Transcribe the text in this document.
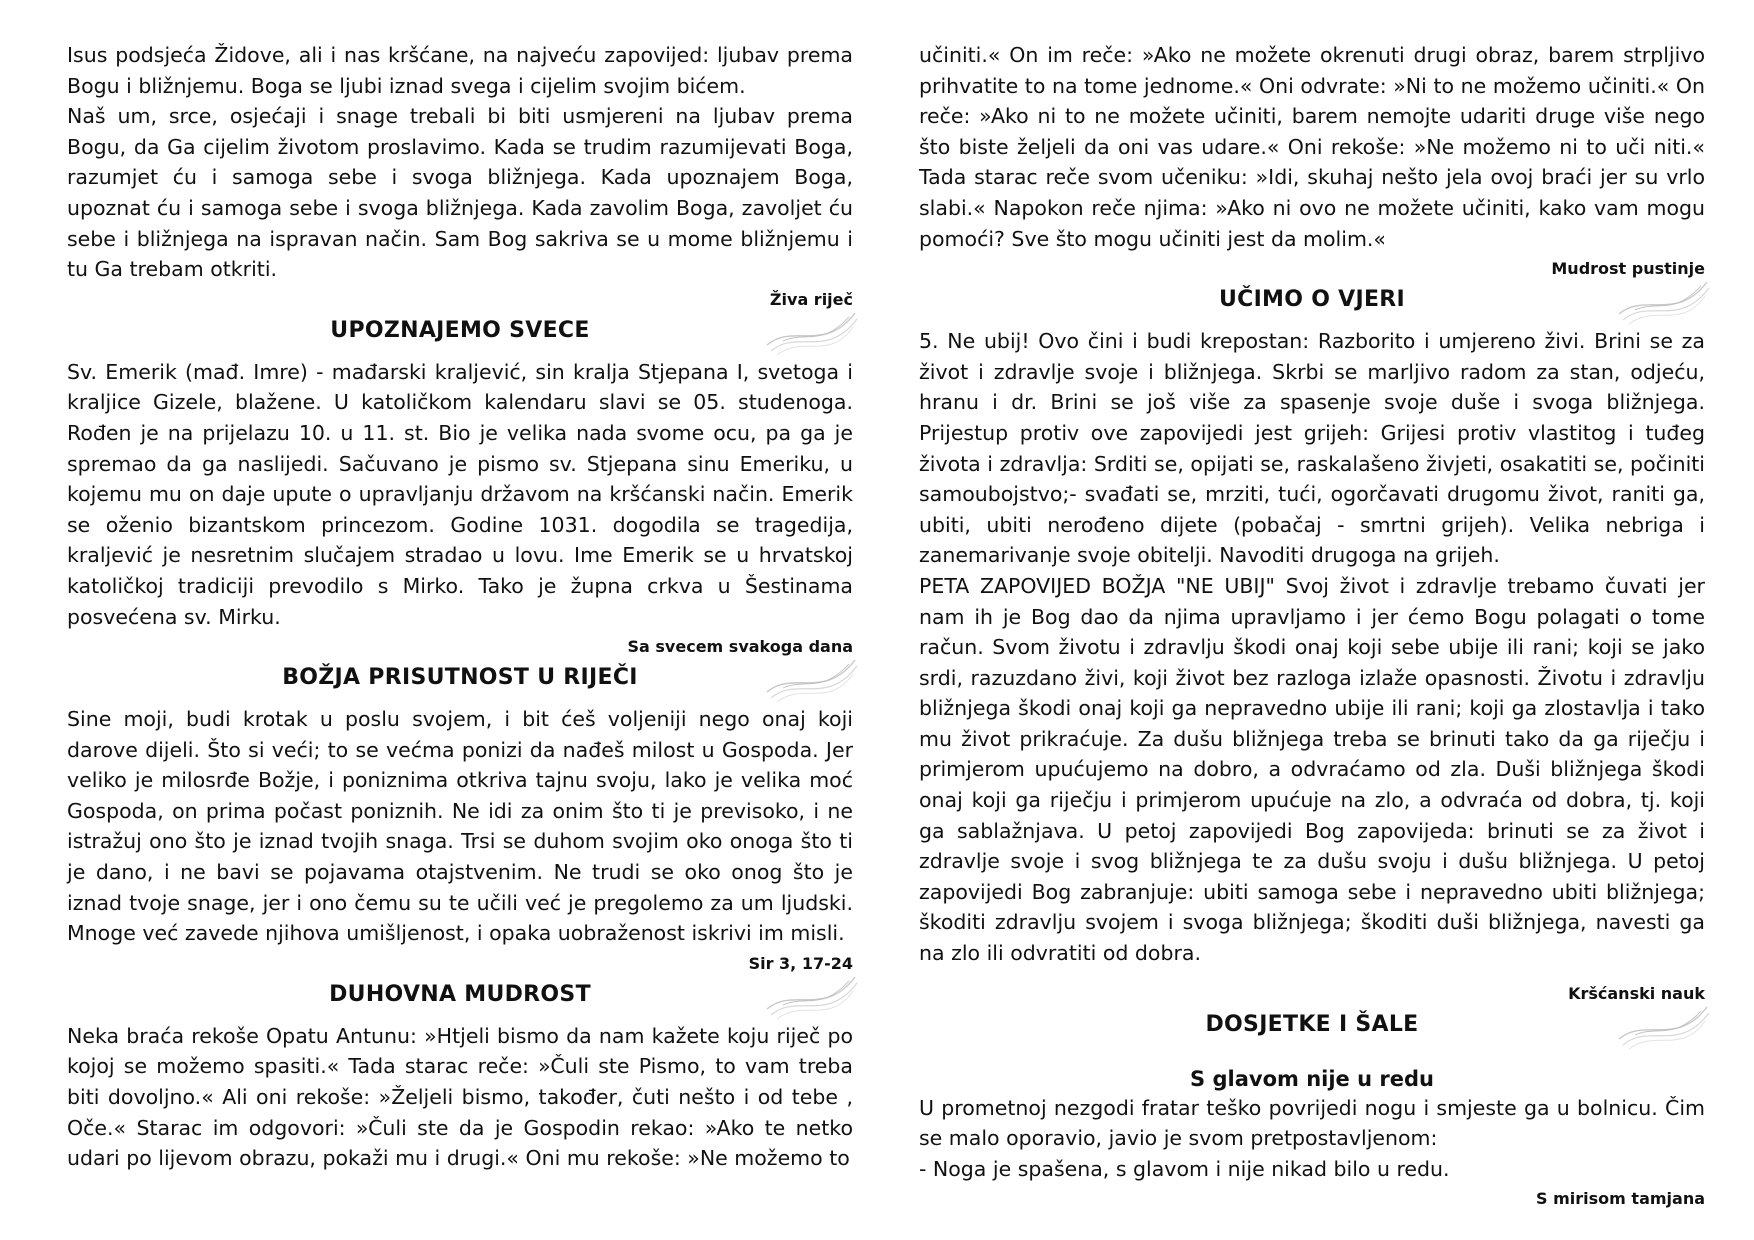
Isus podsjeća Židove, ali i nas kršćane, na najveću zapovijed: ljubav prema Bogu i bližnjemu. Boga se ljubi iznad svega i cijelim svojim bićem.

Naš um, srce, osjećaji i snage trebali bi biti usmjereni na ljubav prema Bogu, da Ga cijelim životom proslavimo. Kada se trudim razumijevati Boga, razumjet ću i samoga sebe i svoga bližnjega. Kada upoznajem Boga, upoznat ću i samoga sebe i svoga bližnjega. Kada zavolim Boga, zavoljet ću sebe i bližnjega na ispravan način. Sam Bog sakriva se u mome bližnjemu i tu Ga trebam otkriti.

Živa riječ
UPOZNAJEMO SVECE

Sv. Emerik (mađ. Imre) - mađarski kraljević, sin kralja Stjepana I, svetoga i kraljice Gizele, blažene. U katoličkom kalendaru slavi se 05. studenoga. Rođen je na prijelazu 10. u 11. st. Bio je velika nada svome ocu, pa ga je spremao da ga naslijedi. Sačuvano je pismo sv. Stjepana sinu Emeriku, u kojemu mu on daje upute o upravljanju državom na kršćanski način. Emerik se oženio bizantskom princezom. Godine 1031. dogodila se tragedija, kraljević je nesretnim slučajem stradao u lovu. Ime Emerik se u hrvatskoj katoličkoj tradiciji prevodilo s Mirko. Tako je župna crkva u Šestinama posvećena sv. Mirku.

Sa svecem svakoga dana
BOŽJA PRISUTNOST U RIJEČI

Sine moji, budi krotak u poslu svojem, i bit ćeš voljeniji nego onaj koji darove dijeli. Što si veći; to se većma ponizi da nađeš milost u Gospoda. Jer veliko je milosrđe Božje, i poniznima otkriva tajnu svoju, lako je velika moć Gospoda, on prima počast poniznih. Ne idi za onim što ti je previsoko, i ne istražuj ono što je iznad tvojih snaga. Trsi se duhom svojim oko onoga što ti je dano, i ne bavi se pojavama otajstvenim. Ne trudi se oko onog što je iznad tvoje snage, jer i ono čemu su te učili već je pregolemo za um ljudski. Mnoge već zavede njihova umišljenost, i opaka uobraženost iskrivi im misli.

Sir 3, 17-24
DUHOVNA MUDROST

Neka braća rekoše Opatu Antunu: »Htjeli bismo da nam kažete koju riječ po kojoj se možemo spasiti.« Tada starac reče: »Čuli ste Pismo, to vam treba biti dovoljno.« Ali oni rekoše: »Željeli bismo, također, čuti nešto i od tebe , Oče.« Starac im odgovori: »Čuli ste da je Gospodin rekao: »Ako te netko udari po lijevom obrazu, pokaži mu i drugi.« Oni mu rekoše: »Ne možemo to

učiniti.« On im reče: »Ako ne možete okrenuti drugi obraz, barem strpljivo prihvatite to na tome jednome.« Oni odvrate: »Ni to ne možemo učiniti.« On reče: »Ako ni to ne možete učiniti, barem nemojte udariti druge više nego što biste željeli da oni vas udare.« Oni rekoše: »Ne možemo ni to uči niti.« Tada starac reče svom učeniku: »Idi, skuhaj nešto jela ovoj braći jer su vrlo slabi.« Napokon reče njima: »Ako ni ovo ne možete učiniti, kako vam mogu pomoći? Sve što mogu učiniti jest da molim.«

Mudrost pustinje
UČIMO O VJERI

5. Ne ubij! Ovo čini i budi krepostan: Razborito i umjereno živi. Brini se za život i zdravlje svoje i bližnjega. Skrbi se marljivo radom za stan, odjeću, hranu i dr. Brini se još više za spasenje svoje duše i svoga bližnjega. Prijestup protiv ove zapovijedi jest grijeh: Grijesi protiv vlastitog i tuđeg života i zdravlja: Srditi se, opijati se, raskalašeno živjeti, osakatiti se, počiniti samoubojstvo;- svađati se, mrziti, tući, ogorčavati drugomu život, raniti ga, ubiti, ubiti nerođeno dijete (pobačaj - smrtni grijeh). Velika nebriga i zanemarivanje svoje obitelji. Navoditi drugoga na grijeh.

PETA ZAPOVIJED BOŽJA "NE UBIJ" Svoj život i zdravlje trebamo čuvati jer nam ih je Bog dao da njima upravljamo i jer ćemo Bogu polagati o tome račun. Svom životu i zdravlju škodi onaj koji sebe ubije ili rani; koji se jako srdi, razuzdano živi, koji život bez razloga izlaže opasnosti. Životu i zdravlju bližnjega škodi onaj koji ga nepravedno ubije ili rani; koji ga zlostavlja i tako mu život prikraćuje. Za dušu bližnjega treba se brinuti tako da ga riječju i primjerom upućujemo na dobro, a odvraćamo od zla. Duši bližnjega škodi onaj koji ga riječju i primjerom upućuje na zlo, a odvraća od dobra, tj. koji ga sablažnjava. U petoj zapovijedi Bog zapovijeda: brinuti se za život i zdravlje svoje i svog bližnjega te za dušu svoju i dušu bližnjega. U petoj zapovijedi Bog zabranjuje: ubiti samoga sebe i nepravedno ubiti bližnjega; škoditi zdravlju svojem i svoga bližnjega; škoditi duši bližnjega, navesti ga na zlo ili odvratiti od dobra.

Kršćanski nauk
DOSJETKE I ŠALE
S glavom nije u redu

U prometnoj nezgodi fratar teško povrijedi nogu i smjeste ga u bolnicu. Čim se malo oporavio, javio je svom pretpostavljenom:

- Noga je spašena, s glavom i nije nikad bilo u redu.

S mirisom tamjana
